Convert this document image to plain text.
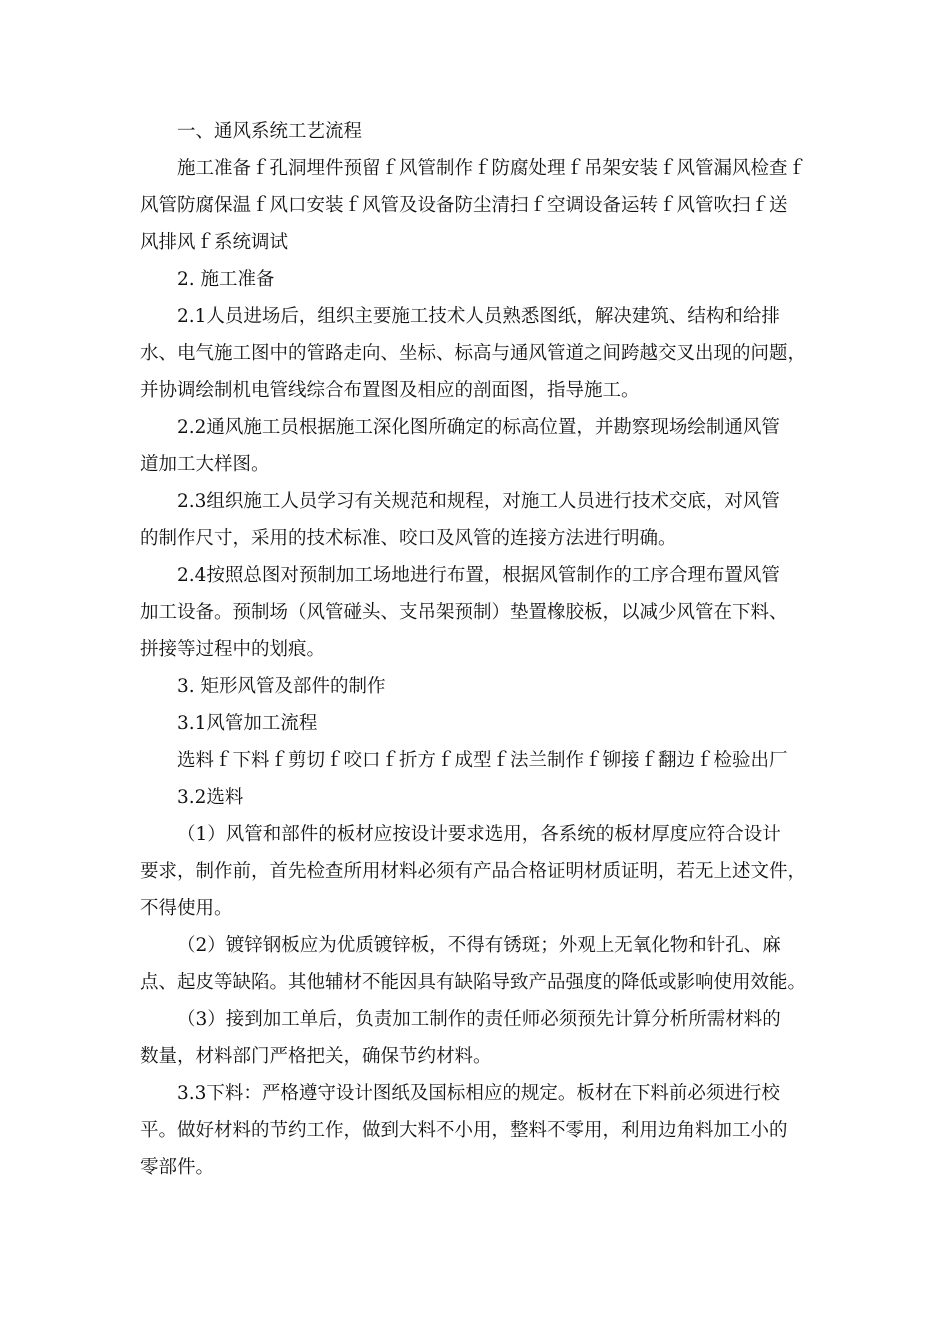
一、通风系统工艺流程

施工准备ｆ孔洞埋件预留ｆ风管制作ｆ防腐处理ｆ吊架安装ｆ风管漏风检查ｆ
风管防腐保温ｆ风口安装ｆ风管及设备防尘清扫ｆ空调设备运转ｆ风管吹扫ｆ送
风排风ｆ系统调试

2. 施工准备

2.1人员进场后，组织主要施工技术人员熟悉图纸，解决建筑、结构和给排
水、电气施工图中的管路走向、坐标、标高与通风管道之间跨越交叉出现的问题，
并协调绘制机电管线综合布置图及相应的剖面图，指导施工。

2.2通风施工员根据施工深化图所确定的标高位置，并勘察现场绘制通风管
道加工大样图。

2.3组织施工人员学习有关规范和规程，对施工人员进行技术交底，对风管
的制作尺寸，采用的技术标准、咬口及风管的连接方法进行明确。

2.4按照总图对预制加工场地进行布置，根据风管制作的工序合理布置风管
加工设备。预制场（风管碰头、支吊架预制）垫置橡胶板，以减少风管在下料、
拼接等过程中的划痕。

3. 矩形风管及部件的制作

3.1风管加工流程

选料ｆ下料ｆ剪切ｆ咬口ｆ折方ｆ成型ｆ法兰制作ｆ铆接ｆ翻边ｆ检验出厂

3.2选料

（1）风管和部件的板材应按设计要求选用，各系统的板材厚度应符合设计
要求，制作前，首先检查所用材料必须有产品合格证明材质证明，若无上述文件，
不得使用。

（2）镀锌钢板应为优质镀锌板，不得有锈斑；外观上无氧化物和针孔、麻
点、起皮等缺陷。其他辅材不能因具有缺陷导致产品强度的降低或影响使用效能。

（3）接到加工单后，负责加工制作的责任师必须预先计算分析所需材料的
数量，材料部门严格把关，确保节约材料。

3.3下料：严格遵守设计图纸及国标相应的规定。板材在下料前必须进行校
平。做好材料的节约工作，做到大料不小用，整料不零用，利用边角料加工小的
零部件。
